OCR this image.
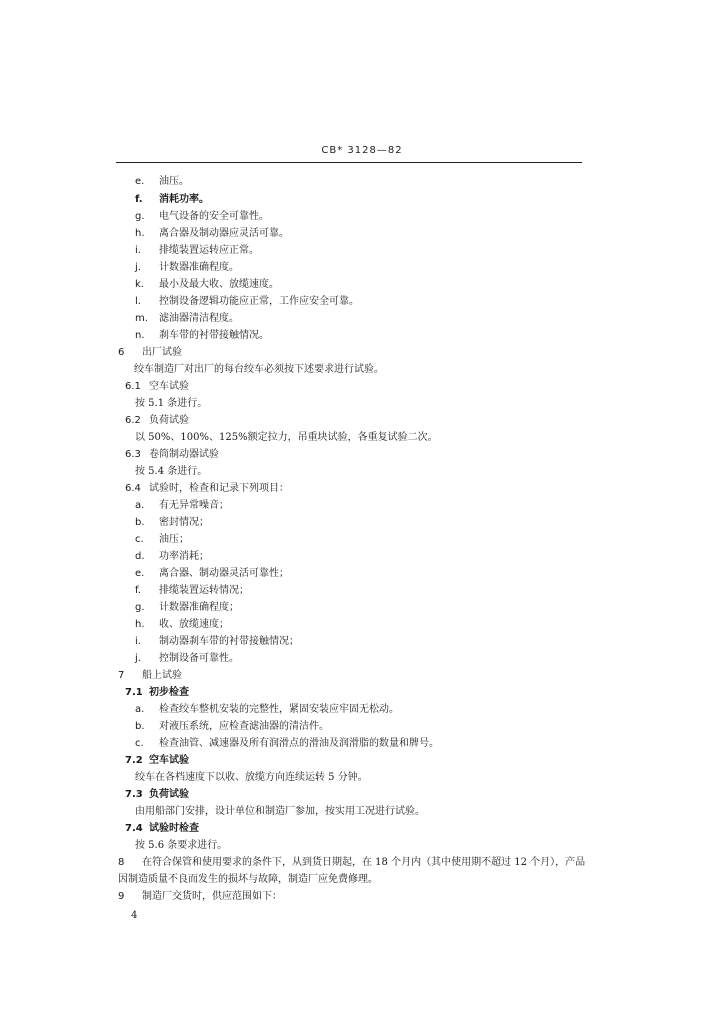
CB* 3128—82
e. 油压。
f. 消耗功率。
g. 电气设备的安全可靠性。
h. 离合器及制动器应灵活可靠。
i. 排缆装置运转应正常。
j. 计数器准确程度。
k. 最小及最大收、放缆速度。
l. 控制设备逻辑功能应正常，工作应安全可靠。
m. 滤油器清洁程度。
n. 刹车带的衬带接触情况。
6 出厂试验
绞车制造厂对出厂的每台绞车必须按下述要求进行试验。
6.1 空车试验
按 5.1 条进行。
6.2 负荷试验
以 50%、100%、125%额定拉力，吊重块试验，各重复试验二次。
6.3 卷筒制动器试验
按 5.4 条进行。
6.4 试验时，检查和记录下列项目：
a. 有无异常噪音；
b. 密封情况；
c. 油压；
d. 功率消耗；
e. 离合器、制动器灵活可靠性；
f. 排缆装置运转情况；
g. 计数器准确程度；
h. 收、放缆速度；
i. 制动器刹车带的衬带接触情况；
j. 控制设备可靠性。
7 船上试验
7.1 初步检查
a. 检查绞车整机安装的完整性，紧固安装应牢固无松动。
b. 对液压系统，应检查滤油器的清洁件。
c. 检查油管、减速器及所有润滑点的滑油及润滑脂的数量和牌号。
7.2 空车试验
绞车在各档速度下以收、放缆方向连续运转 5 分钟。
7.3 负荷试验
由用船部门安排，设计单位和制造厂参加，按实用工况进行试验。
7.4 试验时检查
按 5.6 条要求进行。
8 在符合保管和使用要求的条件下，从到货日期起，在 18 个月内（其中使用期不超过 12 个月），产品
因制造质量不良而发生的损坏与故障，制造厂应免费修理。
9 制造厂交货时，供应范围如下：
4
